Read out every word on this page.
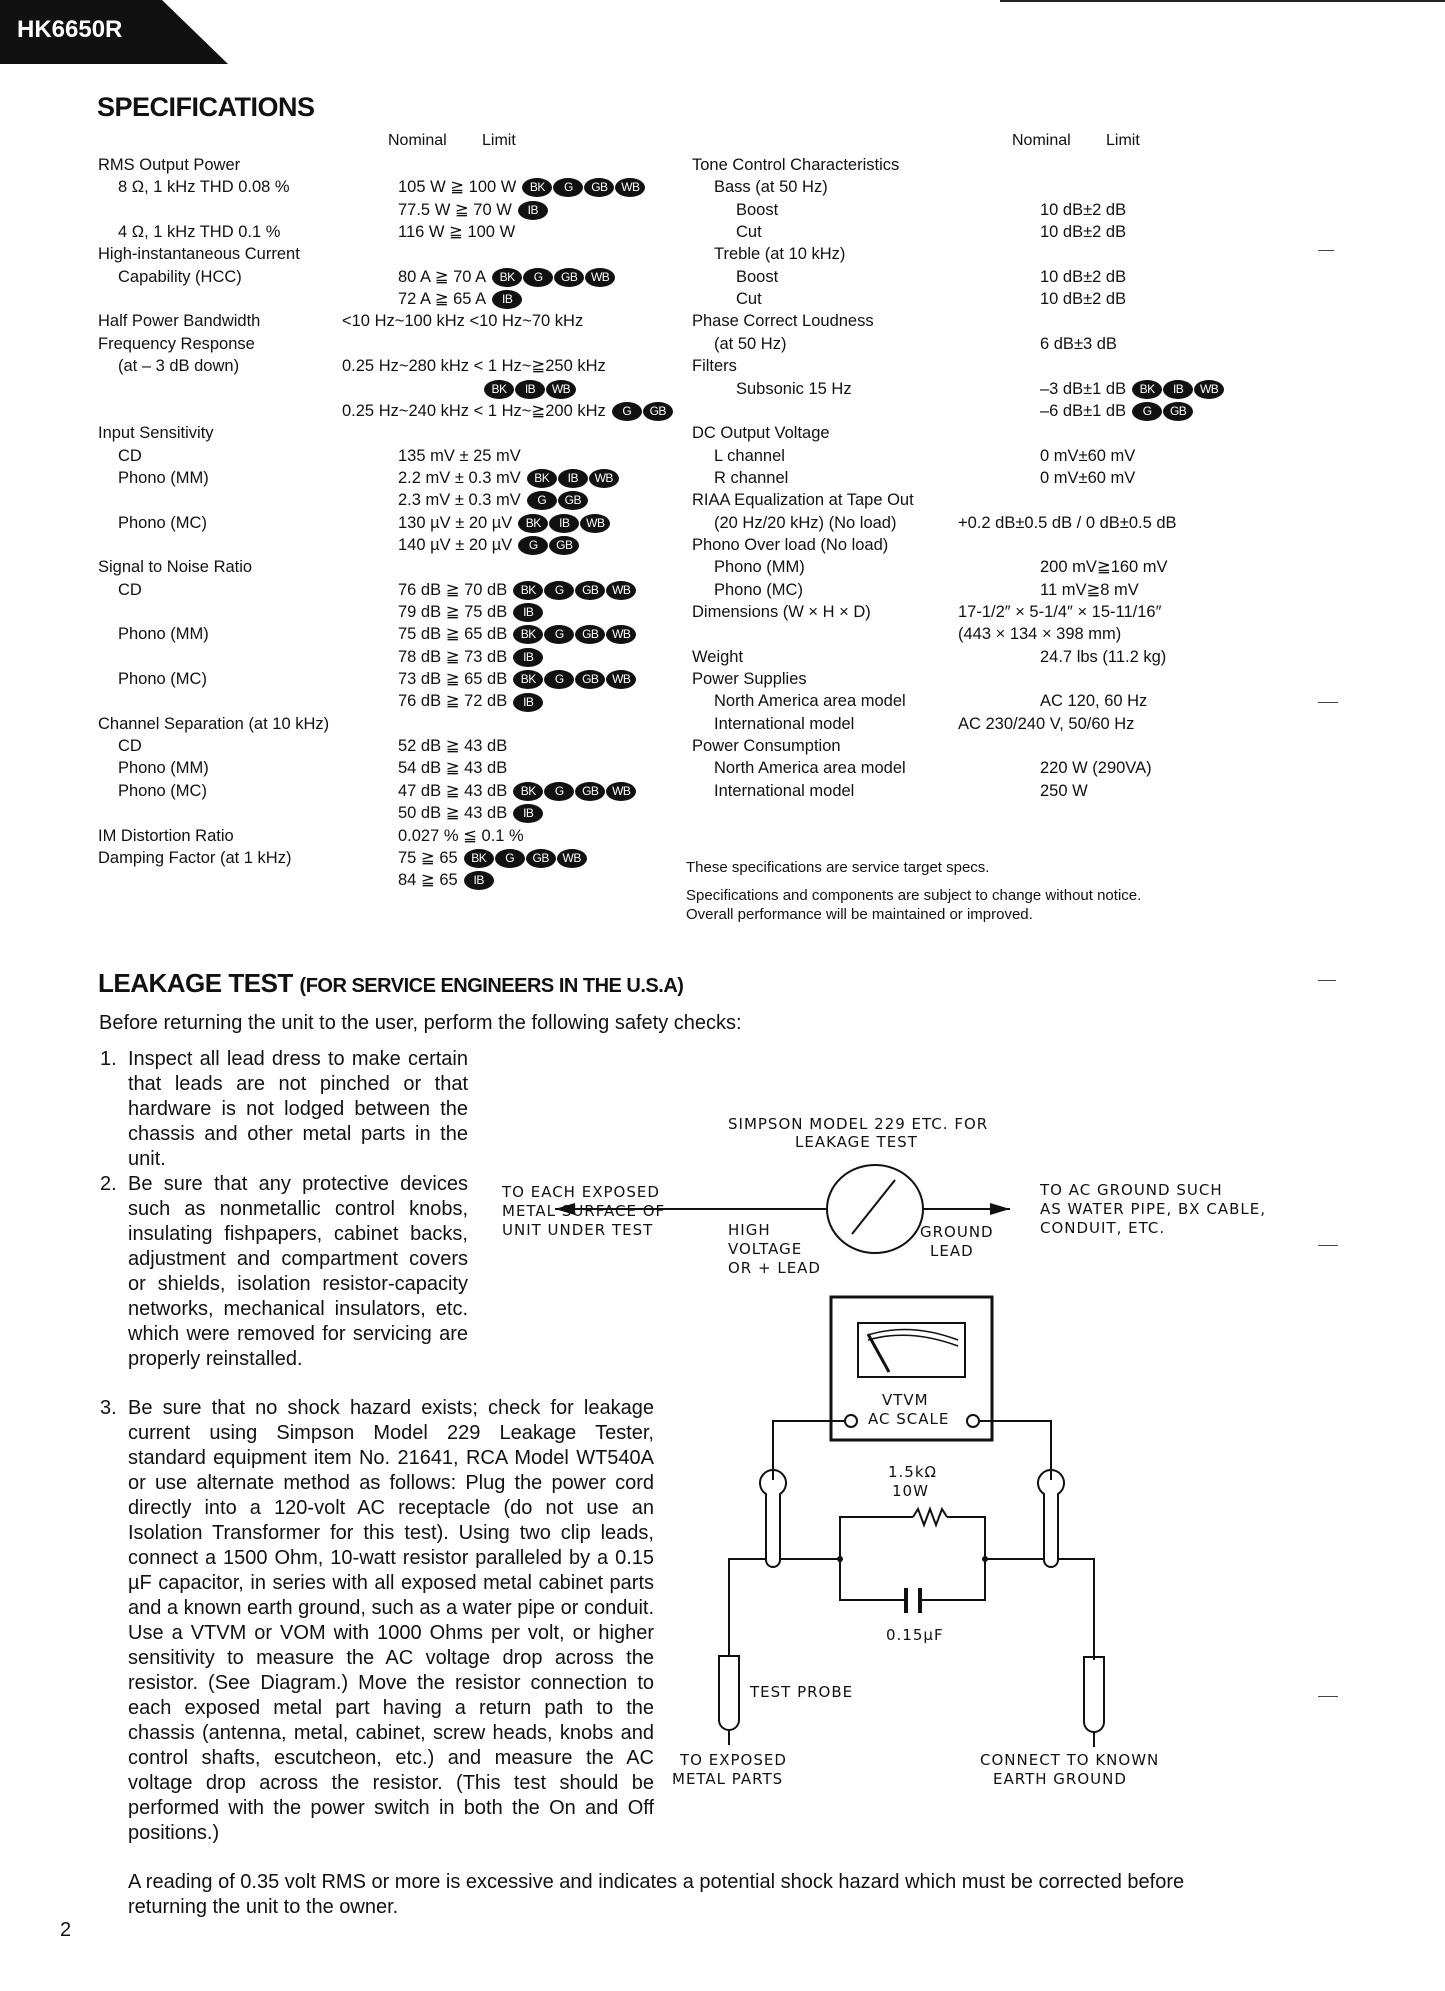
HK6650R
SPECIFICATIONS
Nominal Limit	Nominal Limit
RMS Output Power
8 Ω, 1 kHz THD 0.08 %	105 W ≧ 100 W	BK	G	GB	WB
77.5 W ≧ 70 W	IB
4 Ω, 1 kHz THD 0.1 %	116 W ≧ 100 W
High-instantaneous Current
Capability (HCC)	80 A ≧ 70 A	BK	G	GB	WB
72 A ≧ 65 A	IB
Half Power Bandwidth	<10 Hz~100 kHz <10 Hz~70 kHz
Frequency Response
(at – 3 dB down)	0.25 Hz~280 kHz < 1 Hz~≧250 kHz
BK	IB	WB
0.25 Hz~240 kHz < 1 Hz~≧200 kHz	G	GB
Input Sensitivity
CD	135 mV ± 25 mV
Phono (MM)	2.2 mV ± 0.3 mV	BK	IB	WB
2.3 mV ± 0.3 mV	G	GB
Phono (MC)	130 µV ± 20 µV	BK	IB	WB
140 µV ± 20 µV	G	GB
Signal to Noise Ratio
CD	76 dB ≧ 70 dB	BK	G	GB	WB
79 dB ≧ 75 dB	IB
Phono (MM)	75 dB ≧ 65 dB	BK	G	GB	WB
78 dB ≧ 73 dB	IB
Phono (MC)	73 dB ≧ 65 dB	BK	G	GB	WB
76 dB ≧ 72 dB	IB
Channel Separation (at 10 kHz)
CD	52 dB ≧ 43 dB
Phono (MM)	54 dB ≧ 43 dB
Phono (MC)	47 dB ≧ 43 dB	BK	G	GB	WB
50 dB ≧ 43 dB	IB
IM Distortion Ratio	0.027 % ≦ 0.1 %
Damping Factor (at 1 kHz)	75 ≧ 65	BK	G	GB	WB
84 ≧ 65	IB
Tone Control Characteristics
Bass (at 50 Hz)
Boost	10 dB±2 dB
Cut	10 dB±2 dB
Treble (at 10 kHz)
Boost	10 dB±2 dB
Cut	10 dB±2 dB
Phase Correct Loudness
(at 50 Hz)	6 dB±3 dB
Filters
Subsonic 15 Hz	–3 dB±1 dB	BK	IB	WB
–6 dB±1 dB	G	GB
DC Output Voltage
L channel	0 mV±60 mV
R channel	0 mV±60 mV
RIAA Equalization at Tape Out
(20 Hz/20 kHz) (No load)	+0.2 dB±0.5 dB / 0 dB±0.5 dB
Phono Over load (No load)
Phono (MM)	200 mV≧160 mV
Phono (MC)	11 mV≧8 mV
Dimensions (W × H × D)	17-1/2″ × 5-1/4″ × 15-11/16″
(443 × 134 × 398 mm)
Weight	24.7 lbs (11.2 kg)
Power Supplies
North America area model	AC 120, 60 Hz
International model	AC 230/240 V, 50/60 Hz
Power Consumption
North America area model	220 W (290VA)
International model	250 W
These specifications are service target specs.
Specifications and components are subject to change without notice.
Overall performance will be maintained or improved.
LEAKAGE TEST (FOR SERVICE ENGINEERS IN THE U.S.A)
Before returning the unit to the user, perform the following safety checks:
1. Inspect all lead dress to make certain that leads are not pinched or that hardware is not lodged between the chassis and other metal parts in the unit.

2. Be sure that any protective devices such as nonmetallic control knobs, insulating fishpapers, cabinet backs, adjustment and compartment covers or shields, isolation resistor-capacity networks, mechanical insulators, etc. which were removed for servicing are properly reinstalled.

3. Be sure that no shock hazard exists; check for leakage current using Simpson Model 229 Leakage Tester, standard equipment item No. 21641, RCA Model WT540A or use alternate method as follows: Plug the power cord directly into a 120-volt AC receptacle (do not use an Isolation Transformer for this test). Using two clip leads, connect a 1500 Ohm, 10-watt resistor paralleled by a 0.15 µF capacitor, in series with all exposed metal cabinet parts and a known earth ground, such as a water pipe or conduit. Use a VTVM or VOM with 1000 Ohms per volt, or higher sensitivity to measure the AC voltage drop across the resistor. (See Diagram.) Move the resistor connection to each exposed metal part having a return path to the chassis (antenna, metal, cabinet, screw heads, knobs and control shafts, escutcheon, etc.) and measure the AC voltage drop across the resistor. (This test should be performed with the power switch in both the On and Off positions.)

A reading of 0.35 volt RMS or more is excessive and indicates a potential shock hazard which must be corrected before returning the unit to the owner.
SIMPSON MODEL 229 ETC. FOR
LEAKAGE TEST
TO EACH EXPOSED
METAL SURFACE OF
UNIT UNDER TEST	HIGH
VOLTAGE
OR + LEAD
GROUND
LEAD
TO AC GROUND SUCH
AS WATER PIPE, BX CABLE,
CONDUIT, ETC.
VTVM
AC SCALE
1.5kΩ
10W
0.15µF
TEST PROBE
TO EXPOSED
METAL PARTS
CONNECT TO KNOWN
EARTH GROUND
2
